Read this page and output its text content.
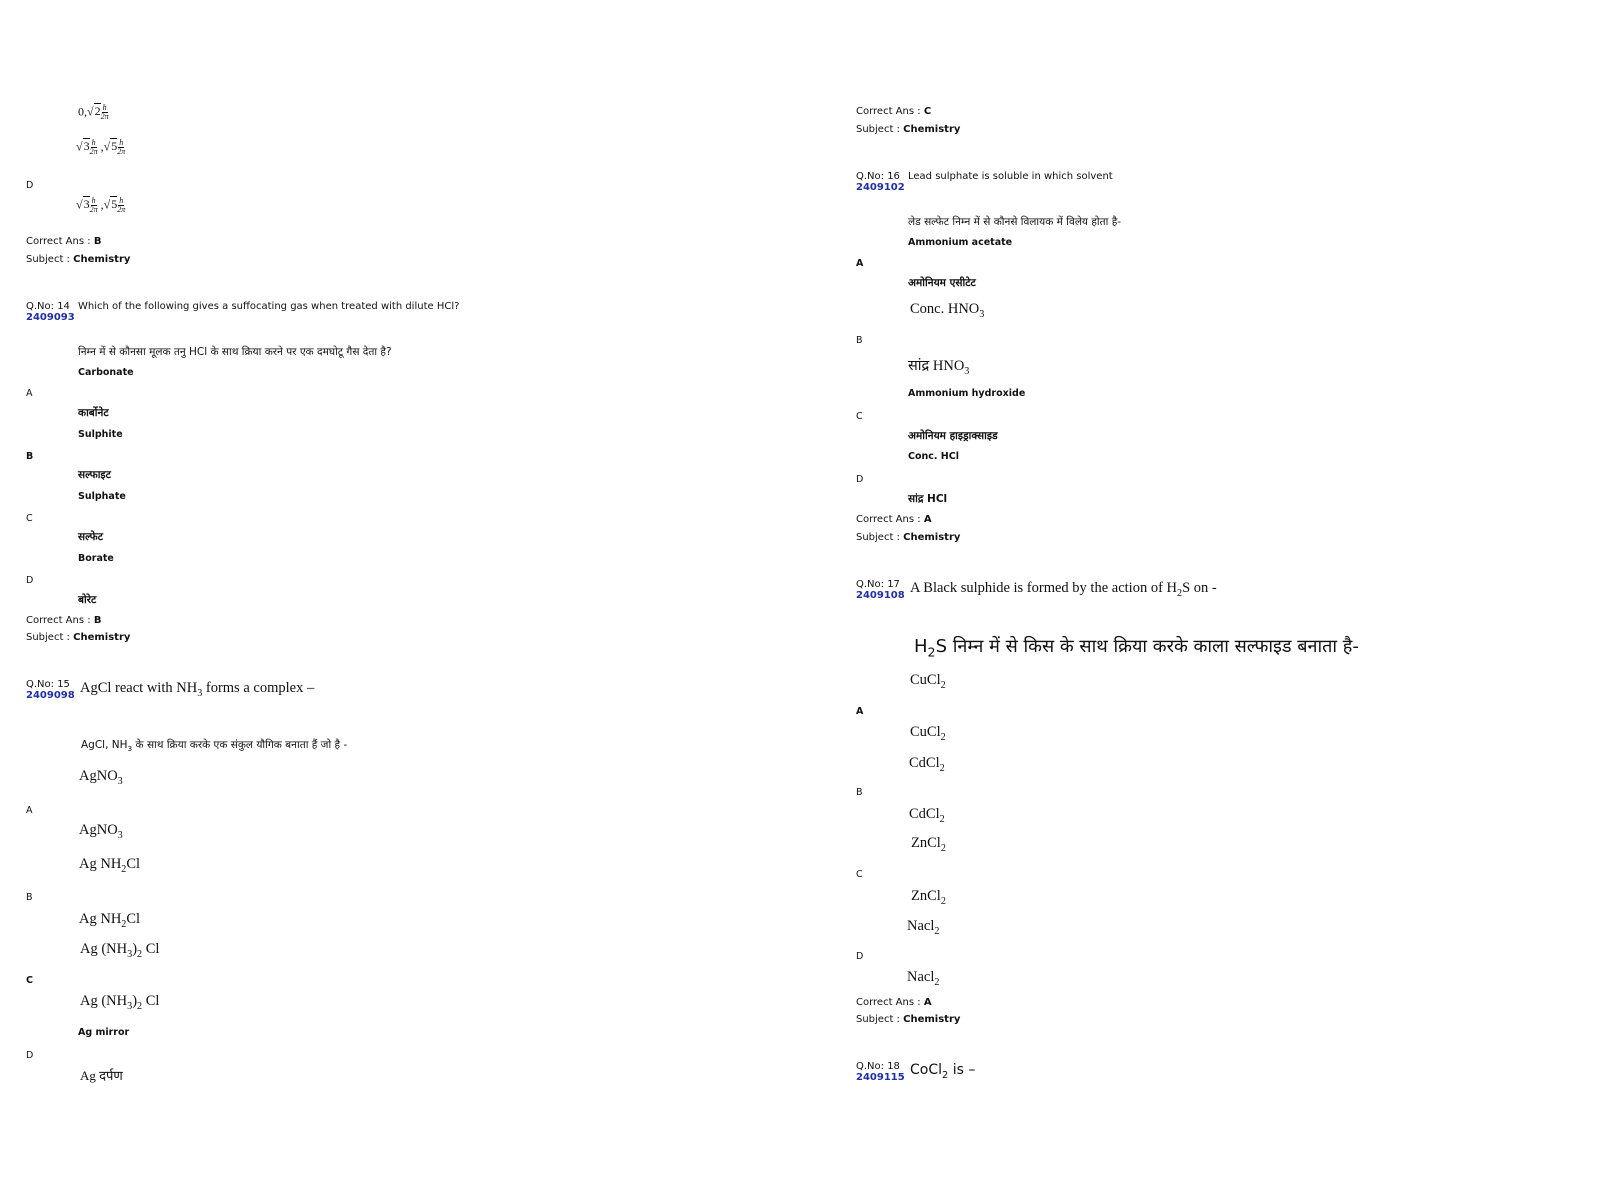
$0,√2 \frac{h}{2\pi}$
$√3 \frac{h}{2\pi} ,√5 \frac{h}{2\pi}$
D
$√3 \frac{h}{2\pi} ,√5 \frac{h}{2\pi}$
Correct Ans : B
Subject : Chemistry
Q.No: 14
2409093
Which of the following gives a suffocating gas when treated with dilute HCl?
निम्न में से कौनसा मूलक तनु HCl के साथ क्रिया करने पर एक दमघोटू गैस देता है?
Carbonate
A
कार्बोनेट
Sulphite
B
सल्फाइट
Sulphate
C
सल्फेट
Borate
D
बोरेट
Correct Ans : B
Subject : Chemistry
Q.No: 15
2409098 AgCl react with $NH_3$ forms a complex –
AgCl, $NH_3$ के साथ क्रिया करके एक संकुल यौगिक बनाता हैं जो है -
AgNO$_3$
A
AgNO$_3$
Ag $NH_2Cl$
B
Ag $NH_2Cl$
Ag $(NH_3)_2$ Cl
C
Ag $(NH_3)_2$ Cl
Ag mirror
D
Ag दर्पण
Correct Ans : C
Subject : Chemistry
Q.No: 16
2409102
Lead sulphate is soluble in which solvent
लेड सल्फेट निम्न में से कौनसे विलायक में विलेय होता है-
Ammonium acetate
A
अमोनियम एसीटेट
Conc. $HNO_3$
B
सांद्र $HNO_3$
Ammonium hydroxide
C
अमोनियम हाइड्राक्साइड
Conc. HCl
D
सांद्र HCl
Correct Ans : A
Subject : Chemistry
Q.No: 17
2409108 A Black sulphide is formed by the action of $H_2S$ on -
$H_2S$ निम्न में से किस के साथ क्रिया करके काला सल्फाइड बनाता है-
CuCl$_2$
A
CuCl$_2$
CdCl$_2$
B
CdCl$_2$
ZnCl$_2$
C
ZnCl$_2$
Nacl$_2$
D
Nacl$_2$
Correct Ans : A
Subject : Chemistry
Q.No: 18
2409115 CoCl$_2$ is –
